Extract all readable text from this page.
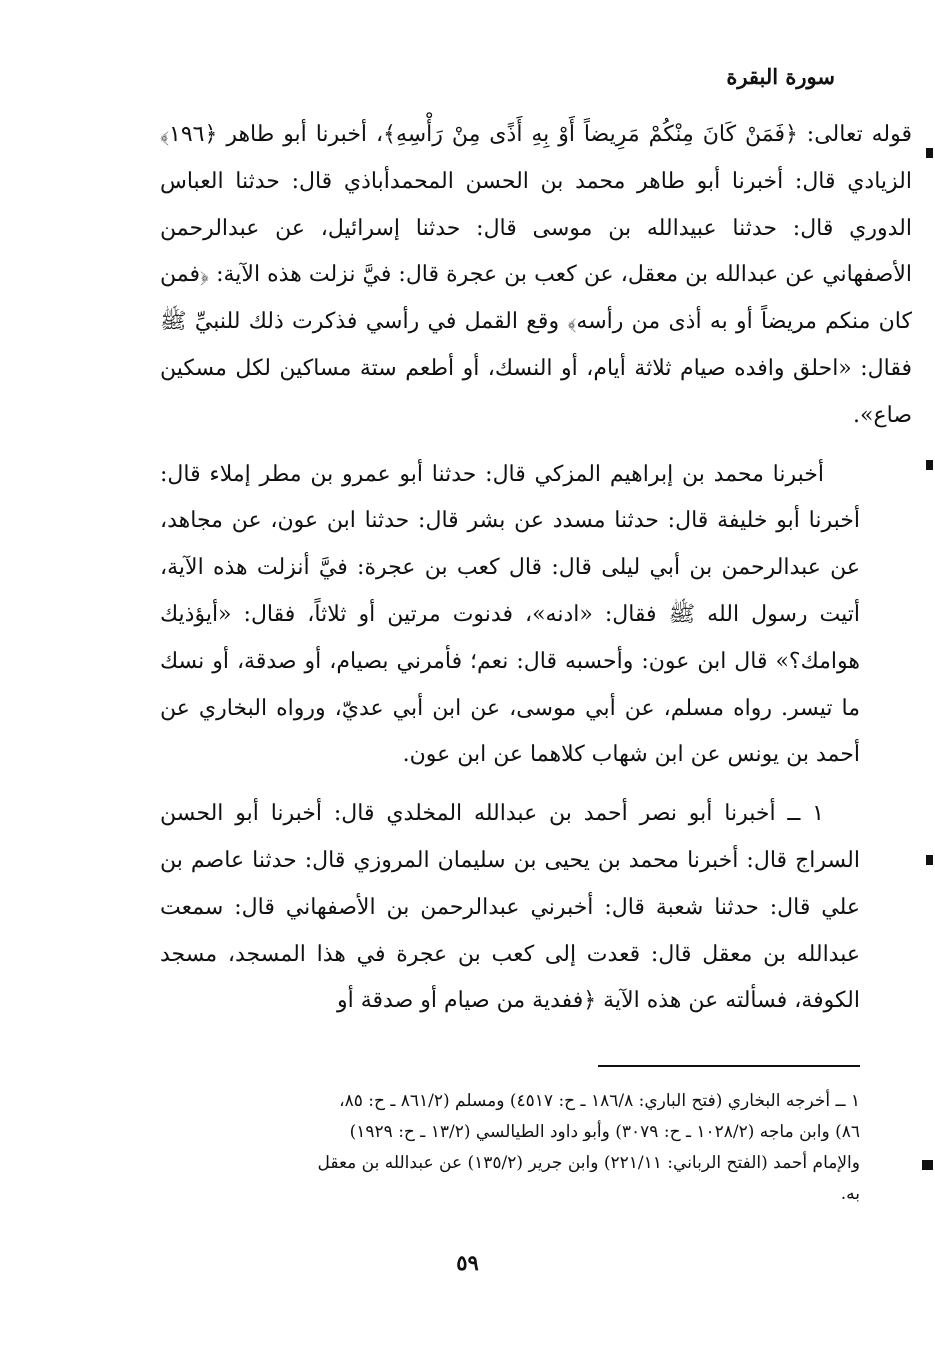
سورة البقرة

قوله تعالى: ﴿فَمَنْ كَانَ مِنْكُمْ مَرِيضاً أَوْ بِهِ أَذًى مِنْ رَأْسِهِ﴾، أخبرنا أبو طاهر ﴿١٩٦﴾ الزيادي قال: أخبرنا أبو طاهر محمد بن الحسن المحمدأباذي قال: حدثنا العباس الدوري قال: حدثنا عبيدالله بن موسى قال: حدثنا إسرائيل، عن عبدالرحمن الأصفهاني عن عبدالله بن معقل، عن كعب بن عجرة قال: فيَّ نزلت هذه الآية: ﴿فمن كان منكم مريضاً أو به أذى من رأسه﴾ وقع القمل في رأسي فذكرت ذلك للنبيِّ ﷺ فقال: «احلق وافده صيام ثلاثة أيام، أو النسك، أو أطعم ستة مساكين لكل مسكين صاع».

أخبرنا محمد بن إبراهيم المزكي قال: حدثنا أبو عمرو بن مطر إملاء قال: أخبرنا أبو خليفة قال: حدثنا مسدد عن بشر قال: حدثنا ابن عون، عن مجاهد، عن عبدالرحمن بن أبي ليلى قال: قال كعب بن عجرة: فيَّ أنزلت هذه الآية، أتيت رسول الله ﷺ فقال: «ادنه»، فدنوت مرتين أو ثلاثاً، فقال: «أيؤذيك هوامك؟» قال ابن عون: وأحسبه قال: نعم؛ فأمرني بصيام، أو صدقة، أو نسك ما تيسر. رواه مسلم، عن أبي موسى، عن ابن أبي عديّ، ورواه البخاري عن أحمد بن يونس عن ابن شهاب كلاهما عن ابن عون.

١ ــ أخبرنا أبو نصر أحمد بن عبدالله المخلدي قال: أخبرنا أبو الحسن السراج قال: أخبرنا محمد بن يحيى بن سليمان المروزي قال: حدثنا عاصم بن علي قال: حدثنا شعبة قال: أخبرني عبدالرحمن بن الأصفهاني قال: سمعت عبدالله بن معقل قال: قعدت إلى كعب بن عجرة في هذا المسجد، مسجد الكوفة، فسألته عن هذه الآية ﴿ففدية من صيام أو صدقة أو

١ ــ أخرجه البخاري (فتح الباري: ١٨٦/٨ ـ ح: ٤٥١٧) ومسلم (٨٦١/٢ ـ ح: ٨٥،
٨٦) وابن ماجه (١٠٢٨/٢ ـ ح: ٣٠٧٩) وأبو داود الطيالسي (١٣/٢ ـ ح: ١٩٢٩)
والإمام أحمد (الفتح الرباني: ٢٢١/١١) وابن جرير (١٣٥/٢) عن عبدالله بن معقل
به.
٥٩
